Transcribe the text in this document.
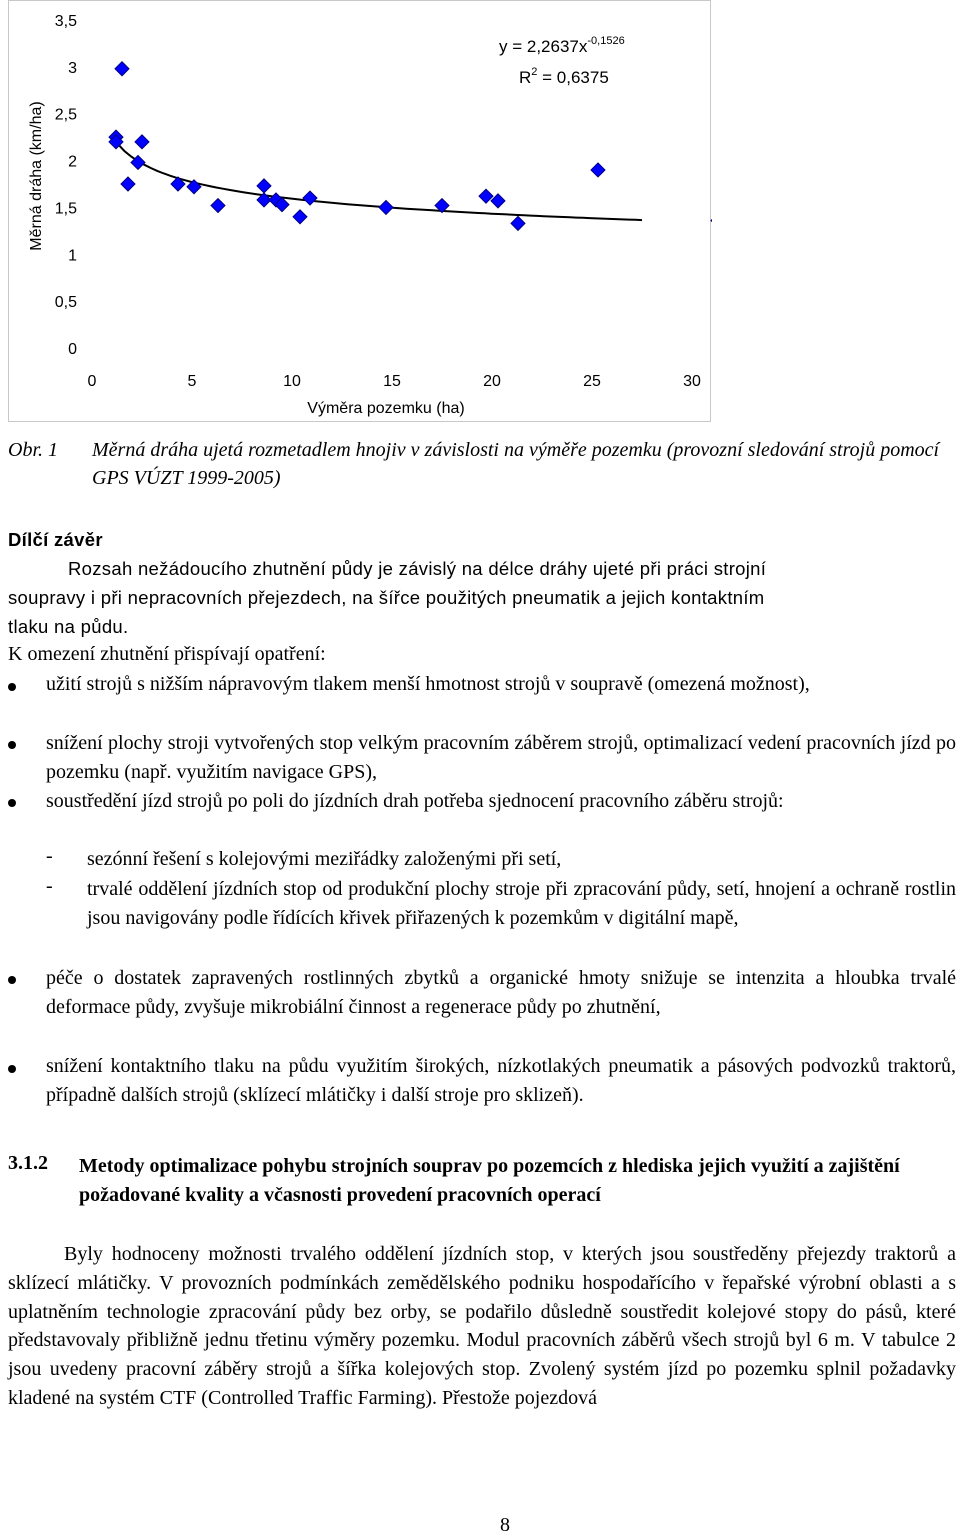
0
0,5
1
1,5
2
2,5
3
3,5
0	5	10	15	20	25	30
Měrná dráha (km/ha)
Výměra pozemku (ha)
$y = 2,2637x^{-0,1526}$
$R^2 = 0,6375$
Obr. 1 Měrná dráha ujetá rozmetadlem hnojiv v závislosti na výměře pozemku (provozní sledování strojů pomocí GPS VÚZT 1999-2005)
Dílčí závěr
Rozsah nežádoucího zhutnění půdy je závislý na délce dráhy ujeté při práci strojní
soupravy i při nepracovních přejezdech, na šířce použitých pneumatik a jejich kontaktním
tlaku na půdu.
K omezení zhutnění přispívají opatření:
užití strojů s nižším nápravovým tlakem menší hmotnost strojů v soupravě (omezená možnost),
snížení plochy stroji vytvořených stop velkým pracovním záběrem strojů, optimalizací vedení pracovních jízd po pozemku (např. využitím navigace GPS),
soustředění jízd strojů po poli do jízdních drah potřeba sjednocení pracovního záběru strojů:
- sezónní řešení s kolejovými meziřádky založenými při setí,
- trvalé oddělení jízdních stop od produkční plochy stroje při zpracování půdy, setí, hnojení a ochraně rostlin jsou navigovány podle řídících křivek přiřazených k pozemkům v digitální mapě,
péče o dostatek zapravených rostlinných zbytků a organické hmoty snižuje se intenzita a hloubka trvalé deformace půdy, zvyšuje mikrobiální činnost a regenerace půdy po zhutnění,
snížení kontaktního tlaku na půdu využitím širokých, nízkotlakých pneumatik a pásových podvozků traktorů, případně dalších strojů (sklízecí mlátičky i další stroje pro sklizeň).
3.1.2 Metody optimalizace pohybu strojních souprav po pozemcích z hlediska jejich využití a zajištění požadované kvality a včasnosti provedení pracovních operací
Byly hodnoceny možnosti trvalého oddělení jízdních stop, v kterých jsou soustředěny přejezdy traktorů a sklízecí mlátičky. V provozních podmínkách zemědělského podniku hospodařícího v řepařské výrobní oblasti a s uplatněním technologie zpracování půdy bez orby, se podařilo důsledně soustředit kolejové stopy do pásů, které představovaly přibližně jednu třetinu výměry pozemku. Modul pracovních záběrů všech strojů byl 6 m. V tabulce 2 jsou uvedeny pracovní záběry strojů a šířka kolejových stop. Zvolený systém jízd po pozemku splnil požadavky kladené na systém CTF (Controlled Traffic Farming). Přestože pojezdová
8
